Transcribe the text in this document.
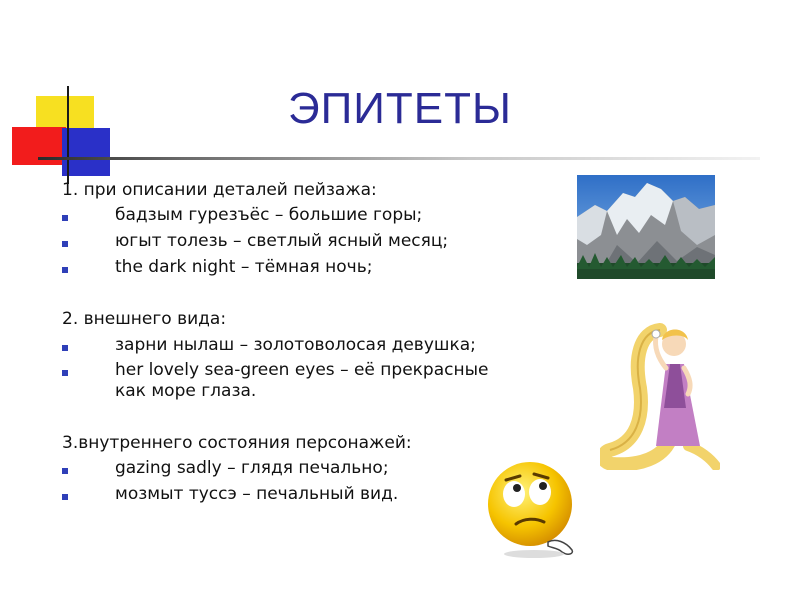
ЭПИТЕТЫ
1. при описании деталей пейзажа:
бадзым гурезъёс – большие горы;
югыт толезь – светлый ясный месяц;
the dark night – тёмная ночь;
2. внешнего вида:
зарни нылаш – золотоволосая девушка;
her lovely sea-green eyes – её прекрасные
как море глаза.
3.внутреннего состояния персонажей:
gazing sadly – глядя печально;
мозмыт туссэ – печальный вид.
